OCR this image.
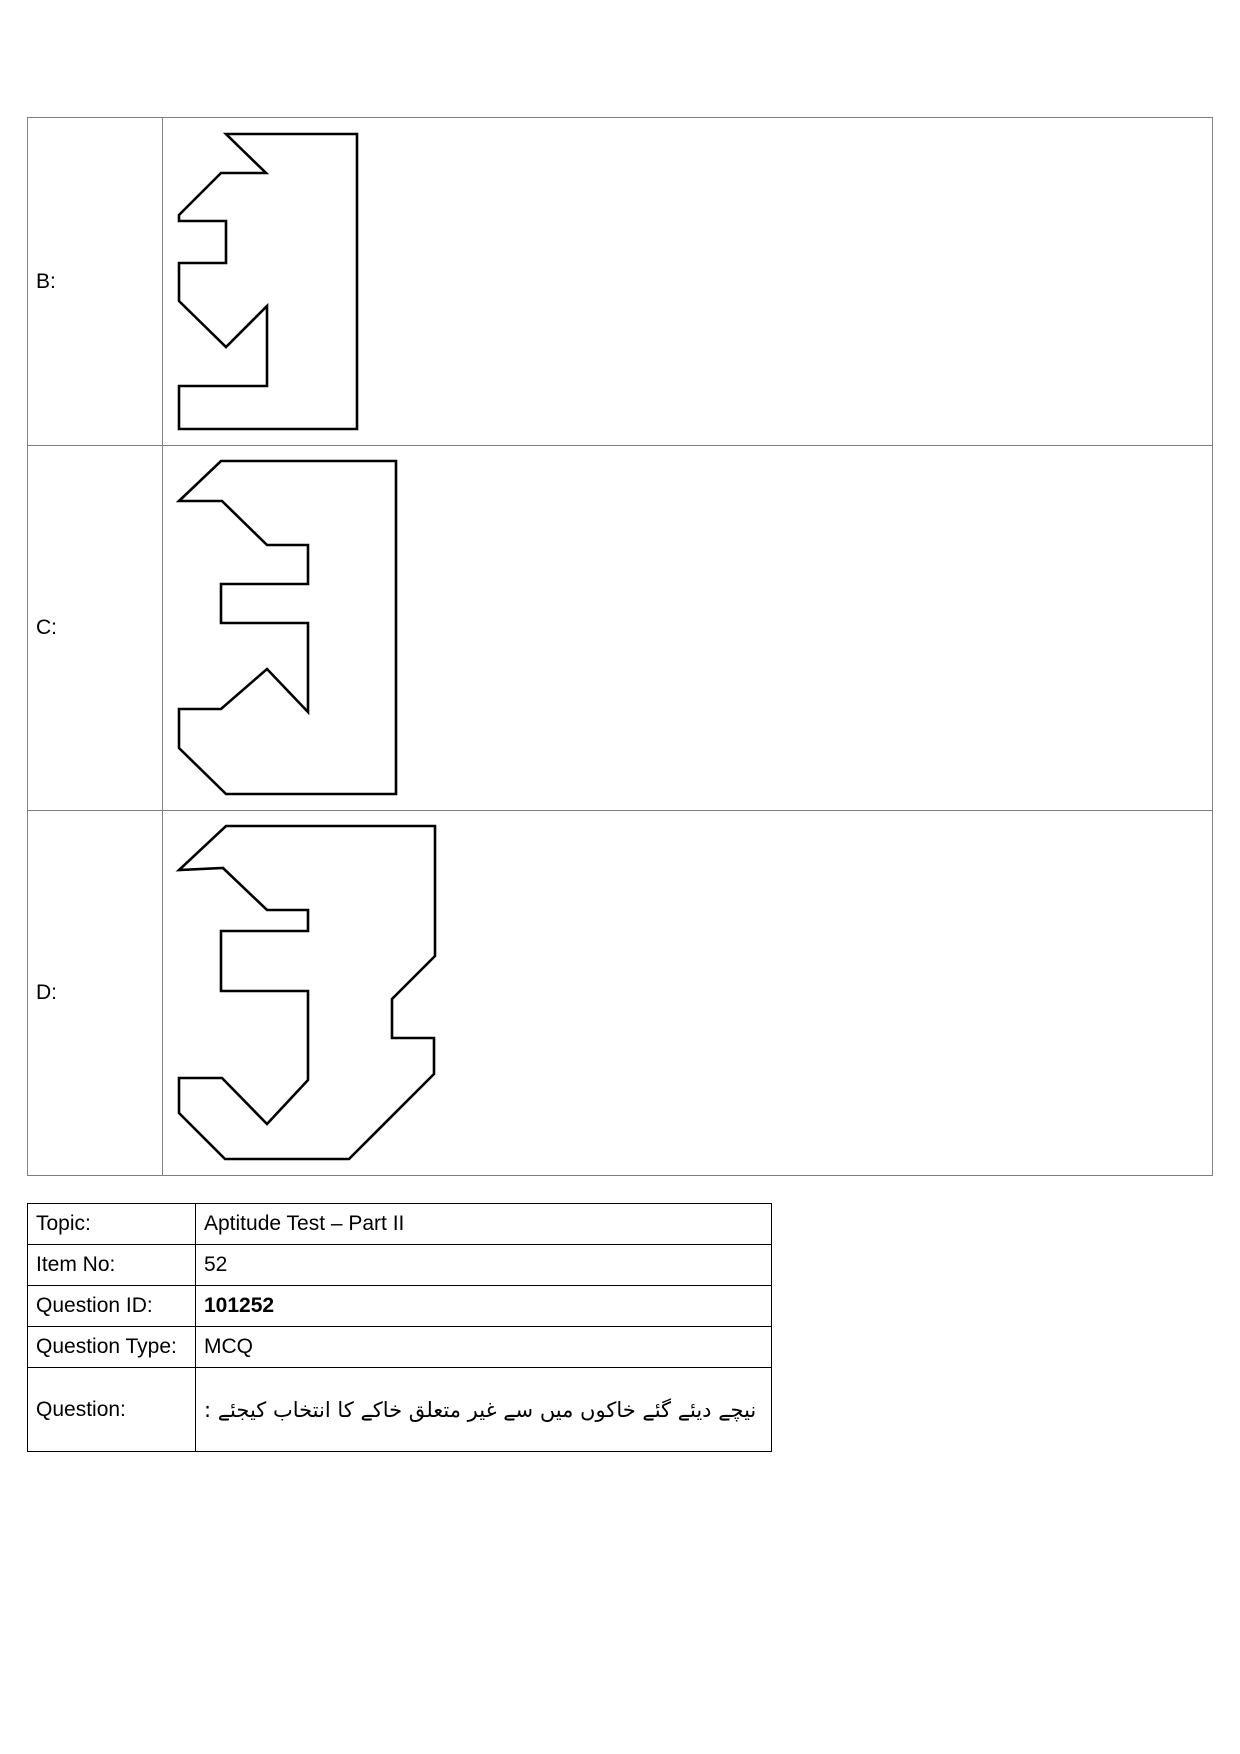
B:	

C:	

D:	
Topic:	Aptitude Test – Part II
Item No:	52
Question ID:	101252
Question Type:	MCQ
Question:	نیچے دیئے گئے خاکوں میں سے غیر متعلق خاکے کا انتخاب کیجئے :
